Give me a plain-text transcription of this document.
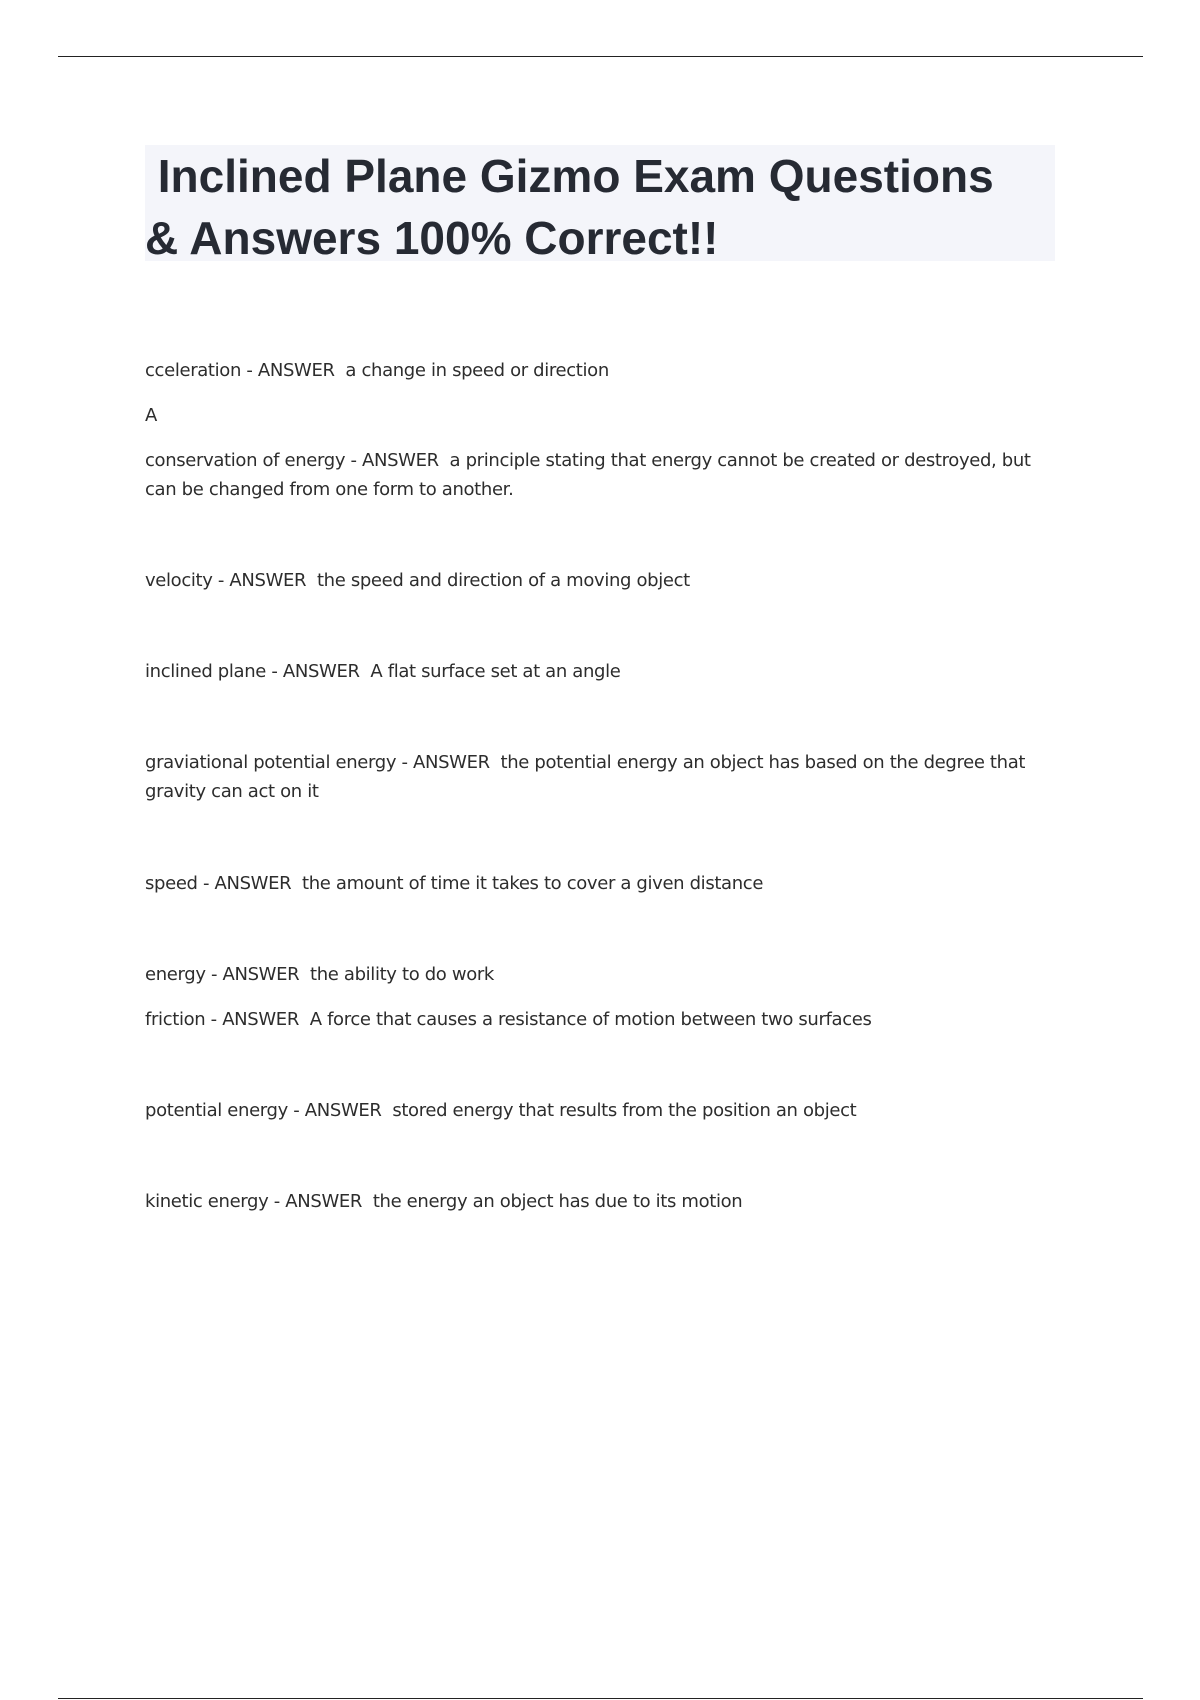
Inclined Plane Gizmo Exam Questions
& Answers 100% Correct!!
cceleration - ANSWER  a change in speed or direction
A
conservation of energy - ANSWER  a principle stating that energy cannot be created or destroyed, but can be changed from one form to another.
velocity - ANSWER  the speed and direction of a moving object
inclined plane - ANSWER  A flat surface set at an angle
graviational potential energy - ANSWER  the potential energy an object has based on the degree that gravity can act on it
speed - ANSWER  the amount of time it takes to cover a given distance
energy - ANSWER  the ability to do work
friction - ANSWER  A force that causes a resistance of motion between two surfaces
potential energy - ANSWER  stored energy that results from the position an object
kinetic energy - ANSWER  the energy an object has due to its motion
